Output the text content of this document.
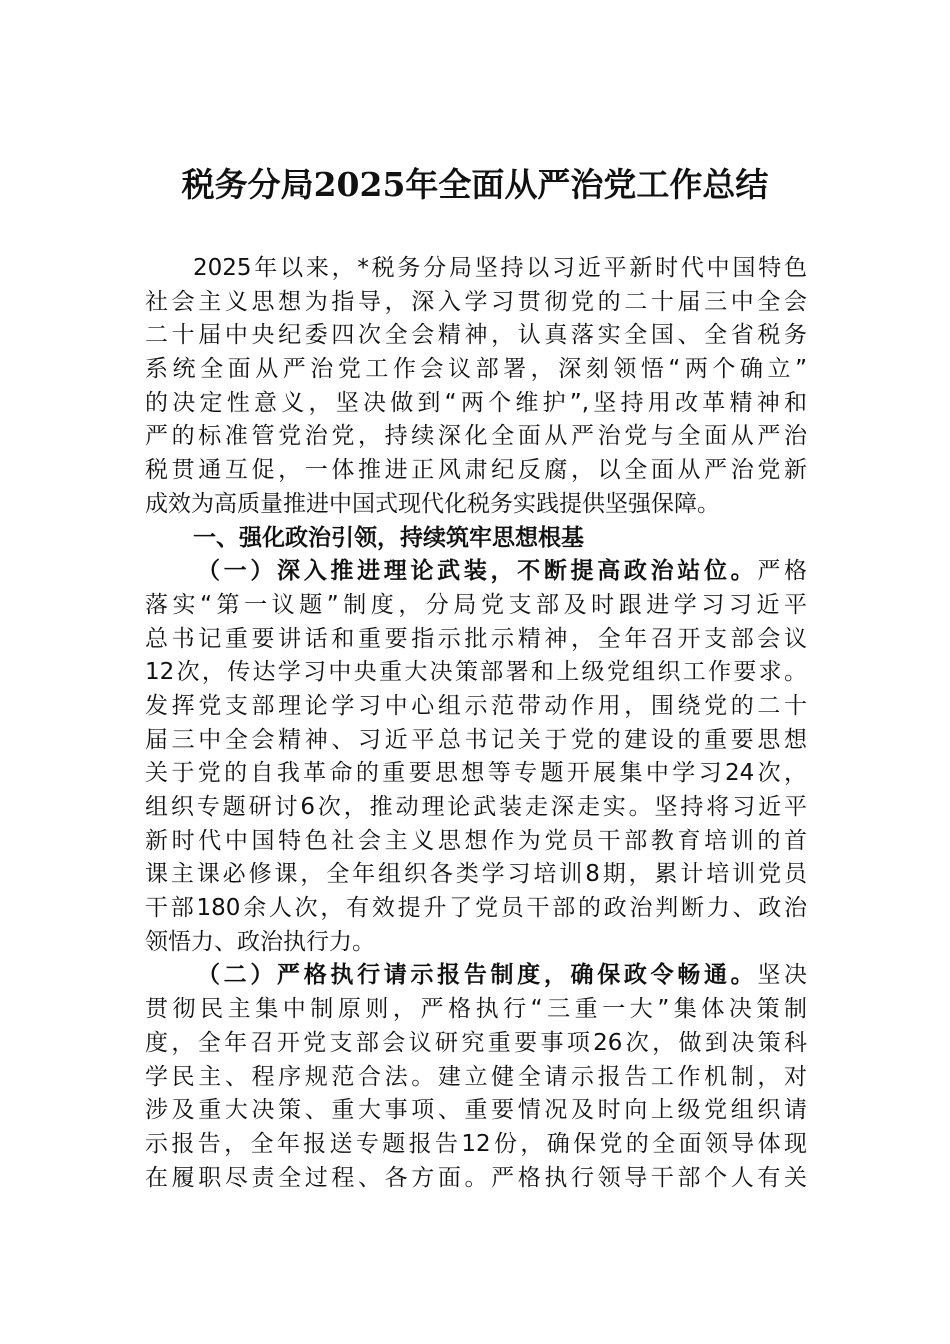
税务分局2025年全面从严治党工作总结
2025年以来，*税务分局坚持以习近平新时代中国特色
社会主义思想为指导，深入学习贯彻党的二十届三中全会
二十届中央纪委四次全会精神，认真落实全国、全省税务
系统全面从严治党工作会议部署，深刻领悟“两个确立”
的决定性意义，坚决做到“两个维护”,坚持用改革精神和
严的标准管党治党，持续深化全面从严治党与全面从严治
税贯通互促，一体推进正风肃纪反腐，以全面从严治党新
成效为高质量推进中国式现代化税务实践提供坚强保障。
一、强化政治引领，持续筑牢思想根基
（一）深入推进理论武装，不断提高政治站位。严格
落实“第一议题”制度，分局党支部及时跟进学习习近平
总书记重要讲话和重要指示批示精神，全年召开支部会议
12次，传达学习中央重大决策部署和上级党组织工作要求。
发挥党支部理论学习中心组示范带动作用，围绕党的二十
届三中全会精神、习近平总书记关于党的建设的重要思想
关于党的自我革命的重要思想等专题开展集中学习24次，
组织专题研讨6次，推动理论武装走深走实。坚持将习近平
新时代中国特色社会主义思想作为党员干部教育培训的首
课主课必修课，全年组织各类学习培训8期，累计培训党员
干部180余人次，有效提升了党员干部的政治判断力、政治
领悟力、政治执行力。
（二）严格执行请示报告制度，确保政令畅通。坚决
贯彻民主集中制原则，严格执行“三重一大”集体决策制
度，全年召开党支部会议研究重要事项26次，做到决策科
学民主、程序规范合法。建立健全请示报告工作机制，对
涉及重大决策、重大事项、重要情况及时向上级党组织请
示报告，全年报送专题报告12份，确保党的全面领导体现
在履职尽责全过程、各方面。严格执行领导干部个人有关
